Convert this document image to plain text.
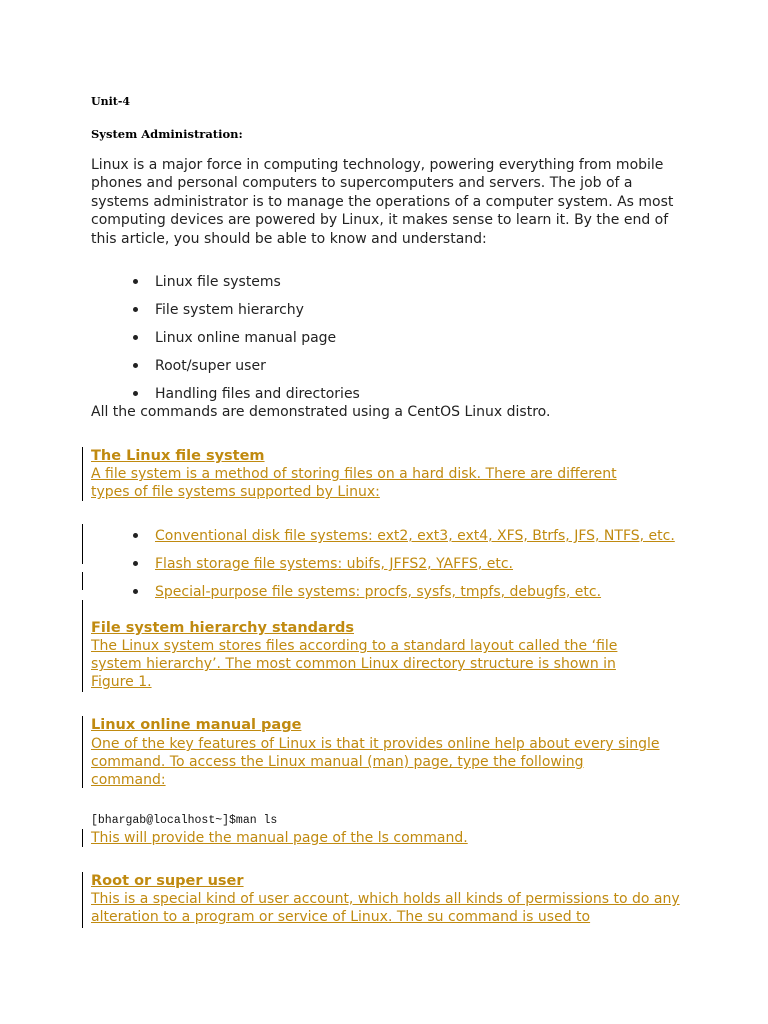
Unit-4
System Administration:

Linux is a major force in computing technology, powering everything from mobile phones and personal computers to supercomputers and servers. The job of a systems administrator is to manage the operations of a computer system. As most computing devices are powered by Linux, it makes sense to learn it. By the end of this article, you should be able to know and understand:

Linux file systems
File system hierarchy
Linux online manual page
Root/super user
Handling files and directories

All the commands are demonstrated using a CentOS Linux distro.

The Linux file system

A file system is a method of storing files on a hard disk. There are different types of file systems supported by Linux:

Conventional disk file systems: ext2, ext3, ext4, XFS, Btrfs, JFS, NTFS, etc.
Flash storage file systems: ubifs, JFFS2, YAFFS, etc.
Special-purpose file systems: procfs, sysfs, tmpfs, debugfs, etc.
File system hierarchy standards

The Linux system stores files according to a standard layout called the ‘file system hierarchy’. The most common Linux directory structure is shown in Figure 1.

Linux online manual page

One of the key features of Linux is that it provides online help about every single command. To access the Linux manual (man) page, type the following command:

[bhargab@localhost~]$man ls

This will provide the manual page of the ls command.

Root or super user

This is a special kind of user account, which holds all kinds of permissions to do any alteration to a program or service of Linux. The su command is used to
